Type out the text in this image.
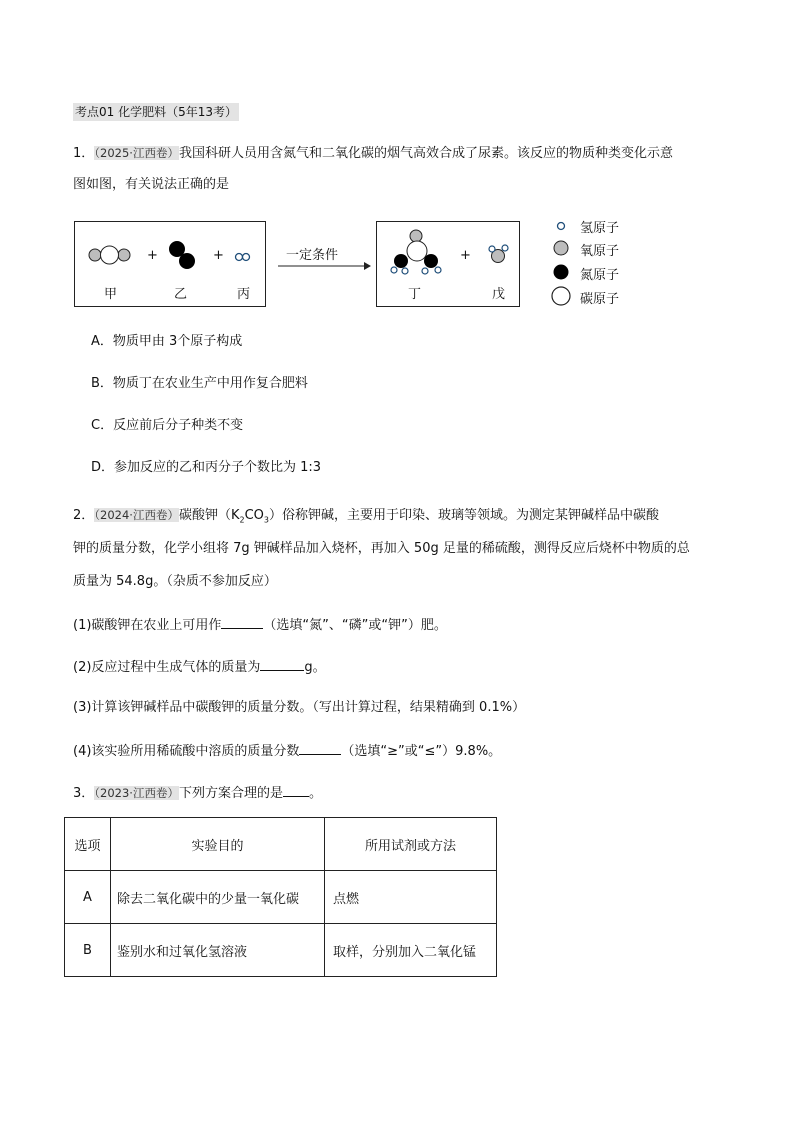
考点01 化学肥料（5年13考）
1．（2025·江西卷）我国科研人员用含氮气和二氧化碳的烟气高效合成了尿素。该反应的物质种类变化示意
图如图，有关说法正确的是
甲	乙	丙
+	+	一定条件
丁	戊
+
氢原子
氧原子
氮原子
碳原子
A．物质甲由 3个原子构成
B．物质丁在农业生产中用作复合肥料
C．反应前后分子种类不变
D．参加反应的乙和丙分子个数比为 1:3
2．（2024·江西卷）碳酸钾$(K_2CO_3)$俗称钾碱，主要用于印染、玻璃等领域。为测定某钾碱样品中碳酸
钾的质量分数，化学小组将 7g 钾碱样品加入烧杯，再加入 50g 足量的稀硫酸，测得反应后烧杯中物质的总
质量为 54.8g。（杂质不参加反应）
(1)碳酸钾在农业上可用作	（选填“氮”、“磷”或“钾”）肥。
(2)反应过程中生成气体的质量为	g。
(3)计算该钾碱样品中碳酸钾的质量分数。（写出计算过程，结果精确到 0.1%）
(4)该实验所用稀硫酸中溶质的质量分数	（选填“≥”或“≤”）9.8%。
3．（2023·江西卷）下列方案合理的是 。
选项	实验目的	所用试剂或方法
A	除去二氧化碳中的少量一氧化碳	点燃
B	鉴别水和过氧化氢溶液	取样，分别加入二氧化锰
